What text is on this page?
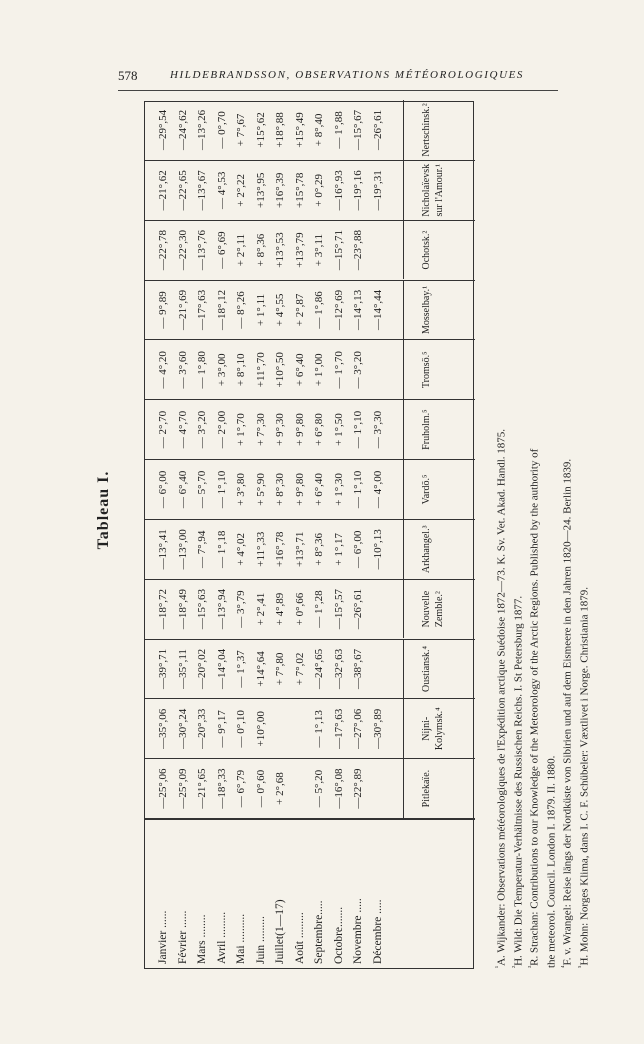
578	HILDEBRANDSSON, OBSERVATIONS MÉTÉOROLOGIQUES
Tableau I.
Janvier ...... Février ...... Mars ........ Avril ......... Mai .......... Juin ......... Juillet(1—17) Août ......... Septembre..... Octobre....... Novembre ..... Décembre .....
Pitlekaïe.
—25°,06 —25°,09 —21°,65 —18°,33 — 6°,79 — 0°,60 + 2°,68 — 5°,20 —16°,08 —22°,89
Nijni-Kolymsk.⁴
—35°,06 —30°,24 —20°,33 — 9°,17 — 0°,10 +10°,00	— 1°,13 —17°,63 —27°,06 —30°,89
Oustiansk.⁴
—39°,71 —35°,11 —20°,02 —14°,04 — 1°,37 +14°,64 + 7°,80 + 7°,02 —24°,65 —32°,63 —38°,67
Nouvelle Zemble.²
—18°,72 —18°,49 —15°,63 —13°,94 — 3°,79 + 2°,41 + 4°,89 + 0°,66 — 1°,28 —15°,57 —26°,61
Arkhangel.³
—13°,41 —13°,00 — 7°,94 — 1°,18 + 4°,02 +11°,33 +16°,78 +13°,71 + 8°,36 + 1°,17 — 6°,00 —10°,13
Vardö.⁵
— 6°,00 — 6°,40 — 5°,70 — 1°,10 + 3°,80 + 5°,90 + 8°,30 + 9°,80 + 6°,40 + 1°,30 — 1°,10 — 4°,00
Fruholm.⁵
— 2°,70 — 4°,70 — 3°,20 — 2°,00 + 1°,70 + 7°,30 + 9°,30 + 9°,80 + 6°,80 + 1°,50 — 1°,10 — 3°,30
Tromsö.⁵
— 4°,20 — 3°,60 — 1°,80 + 3°,00 + 8°,10 +11°,70 +10°,50 + 6°,40 + 1°,00 — 1°,70 — 3°,20
Mosselbay.¹
— 9°,89 —21°,69 —17°,63 —18°,12 — 8°,26 + 1°,11 + 4°,55 + 2°,87 — 1°,86 —12°,69 —14°,13 —14°,44
Ochotsk.²
—22°,78 —22°,30 —13°,76 — 6°,69 + 2°,11 + 8°,36 +13°,53 +13°,79 + 3°,11 —15°,71 —23°,88
Nicholaïevsk sur l'Amour.¹
—21°,62 —22°,65 —13°,67 — 4°,53 + 2°,22 +13°,95 +16°,39 +15°,78 + 0°,29 —16°,93 —19°,16 —19°,31
Nertschinsk.²
—29°,54 —24°,62 —13°,26 — 0°,70 + 7°,67 +15°,62 +18°,88 +15°,49 + 8°,40 — 1°,88 —15°,67 —26°,61
$^{^1}$A. Wijkander: Observations météorologiques de l'Expédition arctique Suédoise 1872—73. K. Sv. Vet. Akad. Handl. 1875.
$^{^2}$H. Wild: Die Temperatur-Verhältnisse des Russischen Reichs. I. St Petersburg 1877.
$^{^3}$R. Strachan: Contributions to our Knowledge of the Meteorology of the Arctic Regions. Published by the authority of the meteorol. Council. London I. 1879. II. 1880. $^{^4}$F. v. Wrangel: Reise längs der Nordküste von Sibirien und auf dem Eismeere in den Jahren 1820—24. Berlin 1839.
$^{^5}$H. Mohn: Norges Klima, dans I. C. F. Schübeler: Væxtlivet i Norge. Christiania 1879.
